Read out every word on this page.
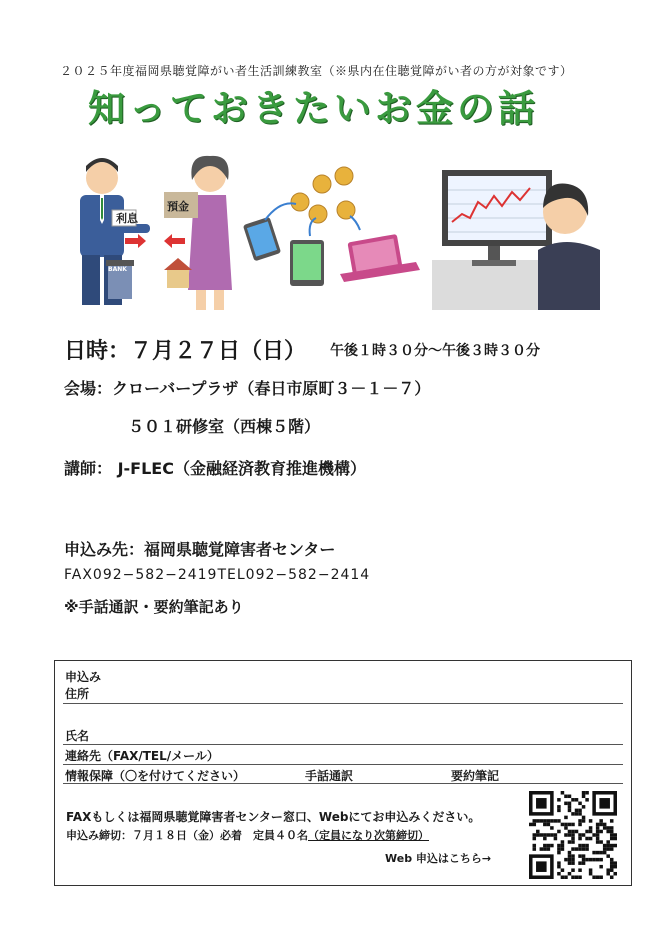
２０２５年度福岡県聴覚障がい者生活訓練教室（※県内在住聴覚障がい者の方が対象です）
知っておきたいお金の話
利息
BANK
預金
日時：７月２７日（日） 午後１時３０分～午後３時３０分
会場：クローバープラザ（春日市原町３－１－７）
５０１研修室（西棟５階）
講師： J-FLEC（金融経済教育推進機構）
申込み先：福岡県聴覚障害者センター
FAX092−582−2419TEL092−582−2414
※手話通訳・要約筆記あり
申込み
住所
氏名
連絡先（FAX/TEL/メール）
情報保障（〇を付けてください）	手話通訳	要約筆記
FAXもしくは福岡県聴覚障害者センター窓口、Webにてお申込みください。
申込み締切：７月１８日（金）必着　定員４０名（定員になり次第締切）
Web 申込はこちら→
